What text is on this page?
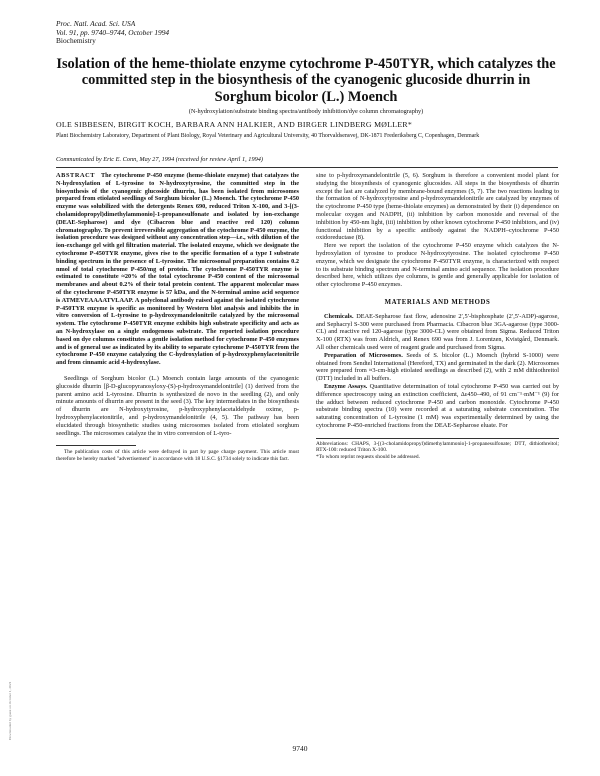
Proc. Natl. Acad. Sci. USA
Vol. 91, pp. 9740–9744, October 1994
Biochemistry
Isolation of the heme-thiolate enzyme cytochrome P-450TYR, which catalyzes the committed step in the biosynthesis of the cyanogenic glucoside dhurrin in Sorghum bicolor (L.) Moench
(N-hydroxylation/substrate binding spectra/antibody inhibition/dye column chromatography)
OLE SIBBESEN, BIRGIT KOCH, BARBARA ANN HALKIER, AND BIRGER LINDBERG MØLLER*
Plant Biochemistry Laboratory, Department of Plant Biology, Royal Veterinary and Agricultural University, 40 Thorvaldsensvej, DK-1871 Frederiksberg C, Copenhagen, Denmark
Communicated by Eric E. Conn, May 27, 1994 (received for review April 1, 1994)

ABSTRACT The cytochrome P-450 enzyme (heme-thiolate enzyme) that catalyzes the N-hydroxylation of L-tyrosine to N-hydroxytyrosine, the committed step in the biosynthesis of the cyanogenic glucoside dhurrin, has been isolated from microsomes prepared from etiolated seedlings of Sorghum bicolor (L.) Moench. The cytochrome P-450 enzyme was solubilized with the detergents Renex 690, reduced Triton X-100, and 3-[(3-cholamidopropyl)dimethylammonio]-1-propanesulfonate and isolated by ion-exchange (DEAE-Sepharose) and dye (Cibacron blue and reactive red 120) column chromatography. To prevent irreversible aggregation of the cytochrome P-450 enzyme, the isolation procedure was designed without any concentration step—i.e., with dilution of the ion-exchange gel with gel filtration material. The isolated enzyme, which we designate the cytochrome P-450TYR enzyme, gives rise to the specific formation of a type I substrate binding spectrum in the presence of L-tyrosine. The microsomal preparation contains 0.2 nmol of total cytochrome P-450/mg of protein. The cytochrome P-450TYR enzyme is estimated to constitute ≈20% of the total cytochrome P-450 content of the microsomal membranes and about 0.2% of their total protein content. The apparent molecular mass of the cytochrome P-450TYR enzyme is 57 kDa, and the N-terminal amino acid sequence is ATMEVEAAAATVLAAP. A polyclonal antibody raised against the isolated cytochrome P-450TYR enzyme is specific as monitored by Western blot analysis and inhibits the in vitro conversion of L-tyrosine to p-hydroxymandelonitrile catalyzed by the microsomal system. The cytochrome P-450TYR enzyme exhibits high substrate specificity and acts as an N-hydroxylase on a single endogenous substrate. The reported isolation procedure based on dye columns constitutes a gentle isolation method for cytochrome P-450 enzymes and is of general use as indicated by its ability to separate cytochrome P-450TYR from the cytochrome P-450 enzyme catalyzing the C-hydroxylation of p-hydroxyphenylacetonitrile and from cinnamic acid 4-hydroxylase.

Seedlings of Sorghum bicolor (L.) Moench contain large amounts of the cyanogenic glucoside dhurrin [β-D-glucopyranosyloxy-(S)-p-hydroxymandelonitrile] (1) derived from the parent amino acid L-tyrosine. Dhurrin is synthesized de novo in the seedling (2), and only minute amounts of dhurrin are present in the seed (3). The key intermediates in the biosynthesis of dhurrin are N-hydroxytyrosine, p-hydroxyphenylacetaldehyde oxime, p-hydroxyphenylacetonitrile, and p-hydroxymandelonitrile (4, 5). The pathway has been elucidated through biosynthetic studies using microsomes isolated from etiolated sorghum seedlings. The microsomes catalyze the in vitro conversion of L-tyro-

The publication costs of this article were defrayed in part by page charge payment. This article must therefore be hereby marked "advertisement" in accordance with 18 U.S.C. §1734 solely to indicate this fact.

sine to p-hydroxymandelonitrile (5, 6). Sorghum is therefore a convenient model plant for studying the biosynthesis of cyanogenic glucosides. All steps in the biosynthesis of dhurrin except the last are catalyzed by membrane-bound enzymes (5, 7). The two reactions leading to the formation of N-hydroxytyrosine and p-hydroxymandelonitrile are catalyzed by enzymes of the cytochrome P-450 type (heme-thiolate enzymes) as demonstrated by their (i) dependence on molecular oxygen and NADPH, (ii) inhibition by carbon monoxide and reversal of the inhibition by 450-nm light, (iii) inhibition by other known cytochrome P-450 inhibitors, and (iv) functional inhibition by a specific antibody against the NADPH–cytochrome P-450 oxidoreductase (8).

Here we report the isolation of the cytochrome P-450 enzyme which catalyzes the N-hydroxylation of tyrosine to produce N-hydroxytyrosine. The isolated cytochrome P-450 enzyme, which we designate the cytochrome P-450TYR enzyme, is characterized with respect to its substrate binding spectrum and N-terminal amino acid sequence. The isolation procedure described here, which utilizes dye columns, is gentle and generally applicable for isolation of other cytochrome P-450 enzymes.

MATERIALS AND METHODS

Chemicals. DEAE-Sepharose fast flow, adenosine 2′,5′-bisphosphate (2′,5′-ADP)-agarose, and Sephacryl S-300 were purchased from Pharmacia. Cibacron blue 3GA-agarose (type 3000-CL) and reactive red 120-agarose (type 3000-CL) were obtained from Sigma. Reduced Triton X-100 (RTX) was from Aldrich, and Renex 690 was from J. Lorentzen, Kvistgård, Denmark. All other chemicals used were of reagent grade and purchased from Sigma.

Preparation of Microsomes. Seeds of S. bicolor (L.) Moench (hybrid S-1000) were obtained from Sendtel International (Hereford, TX) and germinated in the dark (2). Microsomes were prepared from ≈3-cm-high etiolated seedlings as described (2), with 2 mM dithiothreitol (DTT) included in all buffers.

Enzyme Assays. Quantitative determination of total cytochrome P-450 was carried out by difference spectroscopy using an extinction coefficient, Δε450–490, of 91 cm⁻¹·mM⁻¹ (9) for the adduct between reduced cytochrome P-450 and carbon monoxide. Cytochrome P-450 substrate binding spectra (10) were recorded at a saturating substrate concentration. The saturating concentration of L-tyrosine (1 mM) was experimentally determined by using the cytochrome P-450-enriched fractions from the DEAE-Sepharose eluate. For

Abbreviations: CHAPS, 3-[(3-cholamidopropyl)dimethylammonio]-1-propanesulfonate; DTT, dithiothreitol; RTX-100: reduced Triton X-100.

*To whom reprint requests should be addressed.

9740
Downloaded by guest on October 1, 2021
